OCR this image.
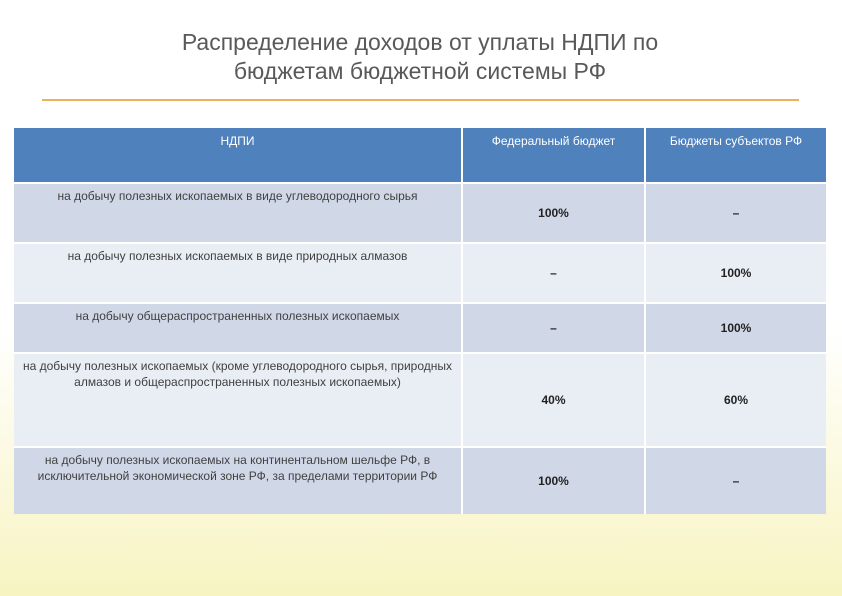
Распределение доходов от уплаты НДПИ по
бюджетам бюджетной системы РФ
НДПИ	Федеральный бюджет	Бюджеты субъектов РФ
на добычу полезных ископаемых в виде углеводородного сырья	100%	–
на добычу полезных ископаемых в виде природных алмазов	–	100%
на добычу общераспространенных полезных ископаемых	–	100%
на добычу полезных ископаемых (кроме углеводородного сырья, природных алмазов и общераспространенных полезных ископаемых)	40%	60%
на добычу полезных ископаемых на континентальном шельфе РФ, в исключительной экономической зоне РФ, за пределами территории РФ	100%	–
